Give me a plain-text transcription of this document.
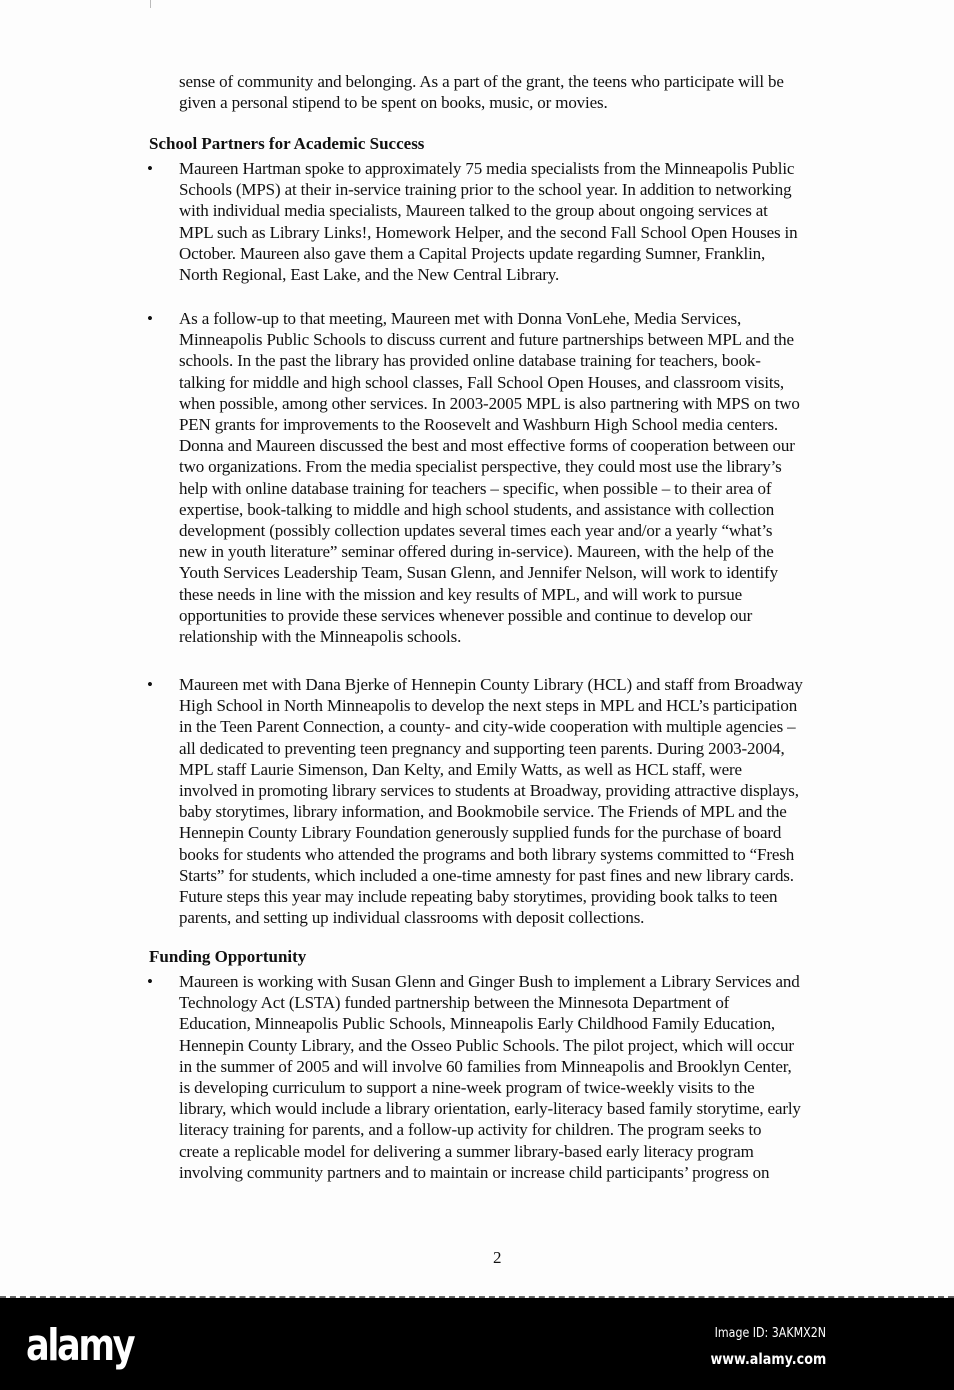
sense of community and belonging. As a part of the grant, the teens who participate will be
given a personal stipend to be spent on books, music, or movies.
School Partners for Academic Success
• Maureen Hartman spoke to approximately 75 media specialists from the Minneapolis Public
Schools (MPS) at their in-service training prior to the school year. In addition to networking
with individual media specialists, Maureen talked to the group about ongoing services at
MPL such as Library Links!, Homework Helper, and the second Fall School Open Houses in
October. Maureen also gave them a Capital Projects update regarding Sumner, Franklin,
North Regional, East Lake, and the New Central Library.
• As a follow-up to that meeting, Maureen met with Donna VonLehe, Media Services,
Minneapolis Public Schools to discuss current and future partnerships between MPL and the
schools. In the past the library has provided online database training for teachers, book-
talking for middle and high school classes, Fall School Open Houses, and classroom visits,
when possible, among other services. In 2003-2005 MPL is also partnering with MPS on two
PEN grants for improvements to the Roosevelt and Washburn High School media centers.
Donna and Maureen discussed the best and most effective forms of cooperation between our
two organizations. From the media specialist perspective, they could most use the library’s
help with online database training for teachers – specific, when possible – to their area of
expertise, book-talking to middle and high school students, and assistance with collection
development (possibly collection updates several times each year and/or a yearly “what’s
new in youth literature” seminar offered during in-service). Maureen, with the help of the
Youth Services Leadership Team, Susan Glenn, and Jennifer Nelson, will work to identify
these needs in line with the mission and key results of MPL, and will work to pursue
opportunities to provide these services whenever possible and continue to develop our
relationship with the Minneapolis schools.
• Maureen met with Dana Bjerke of Hennepin County Library (HCL) and staff from Broadway
High School in North Minneapolis to develop the next steps in MPL and HCL’s participation
in the Teen Parent Connection, a county- and city-wide cooperation with multiple agencies –
all dedicated to preventing teen pregnancy and supporting teen parents. During 2003-2004,
MPL staff Laurie Simenson, Dan Kelty, and Emily Watts, as well as HCL staff, were
involved in promoting library services to students at Broadway, providing attractive displays,
baby storytimes, library information, and Bookmobile service. The Friends of MPL and the
Hennepin County Library Foundation generously supplied funds for the purchase of board
books for students who attended the programs and both library systems committed to “Fresh
Starts” for students, which included a one-time amnesty for past fines and new library cards.
Future steps this year may include repeating baby storytimes, providing book talks to teen
parents, and setting up individual classrooms with deposit collections.
Funding Opportunity
• Maureen is working with Susan Glenn and Ginger Bush to implement a Library Services and
Technology Act (LSTA) funded partnership between the Minnesota Department of
Education, Minneapolis Public Schools, Minneapolis Early Childhood Family Education,
Hennepin County Library, and the Osseo Public Schools. The pilot project, which will occur
in the summer of 2005 and will involve 60 families from Minneapolis and Brooklyn Center,
is developing curriculum to support a nine-week program of twice-weekly visits to the
library, which would include a library orientation, early-literacy based family storytime, early
literacy training for parents, and a follow-up activity for children. The program seeks to
create a replicable model for delivering a summer library-based early literacy program
involving community partners and to maintain or increase child participants’ progress on
2
alamy	Image ID: 3AKMX2N
www.alamy.com
